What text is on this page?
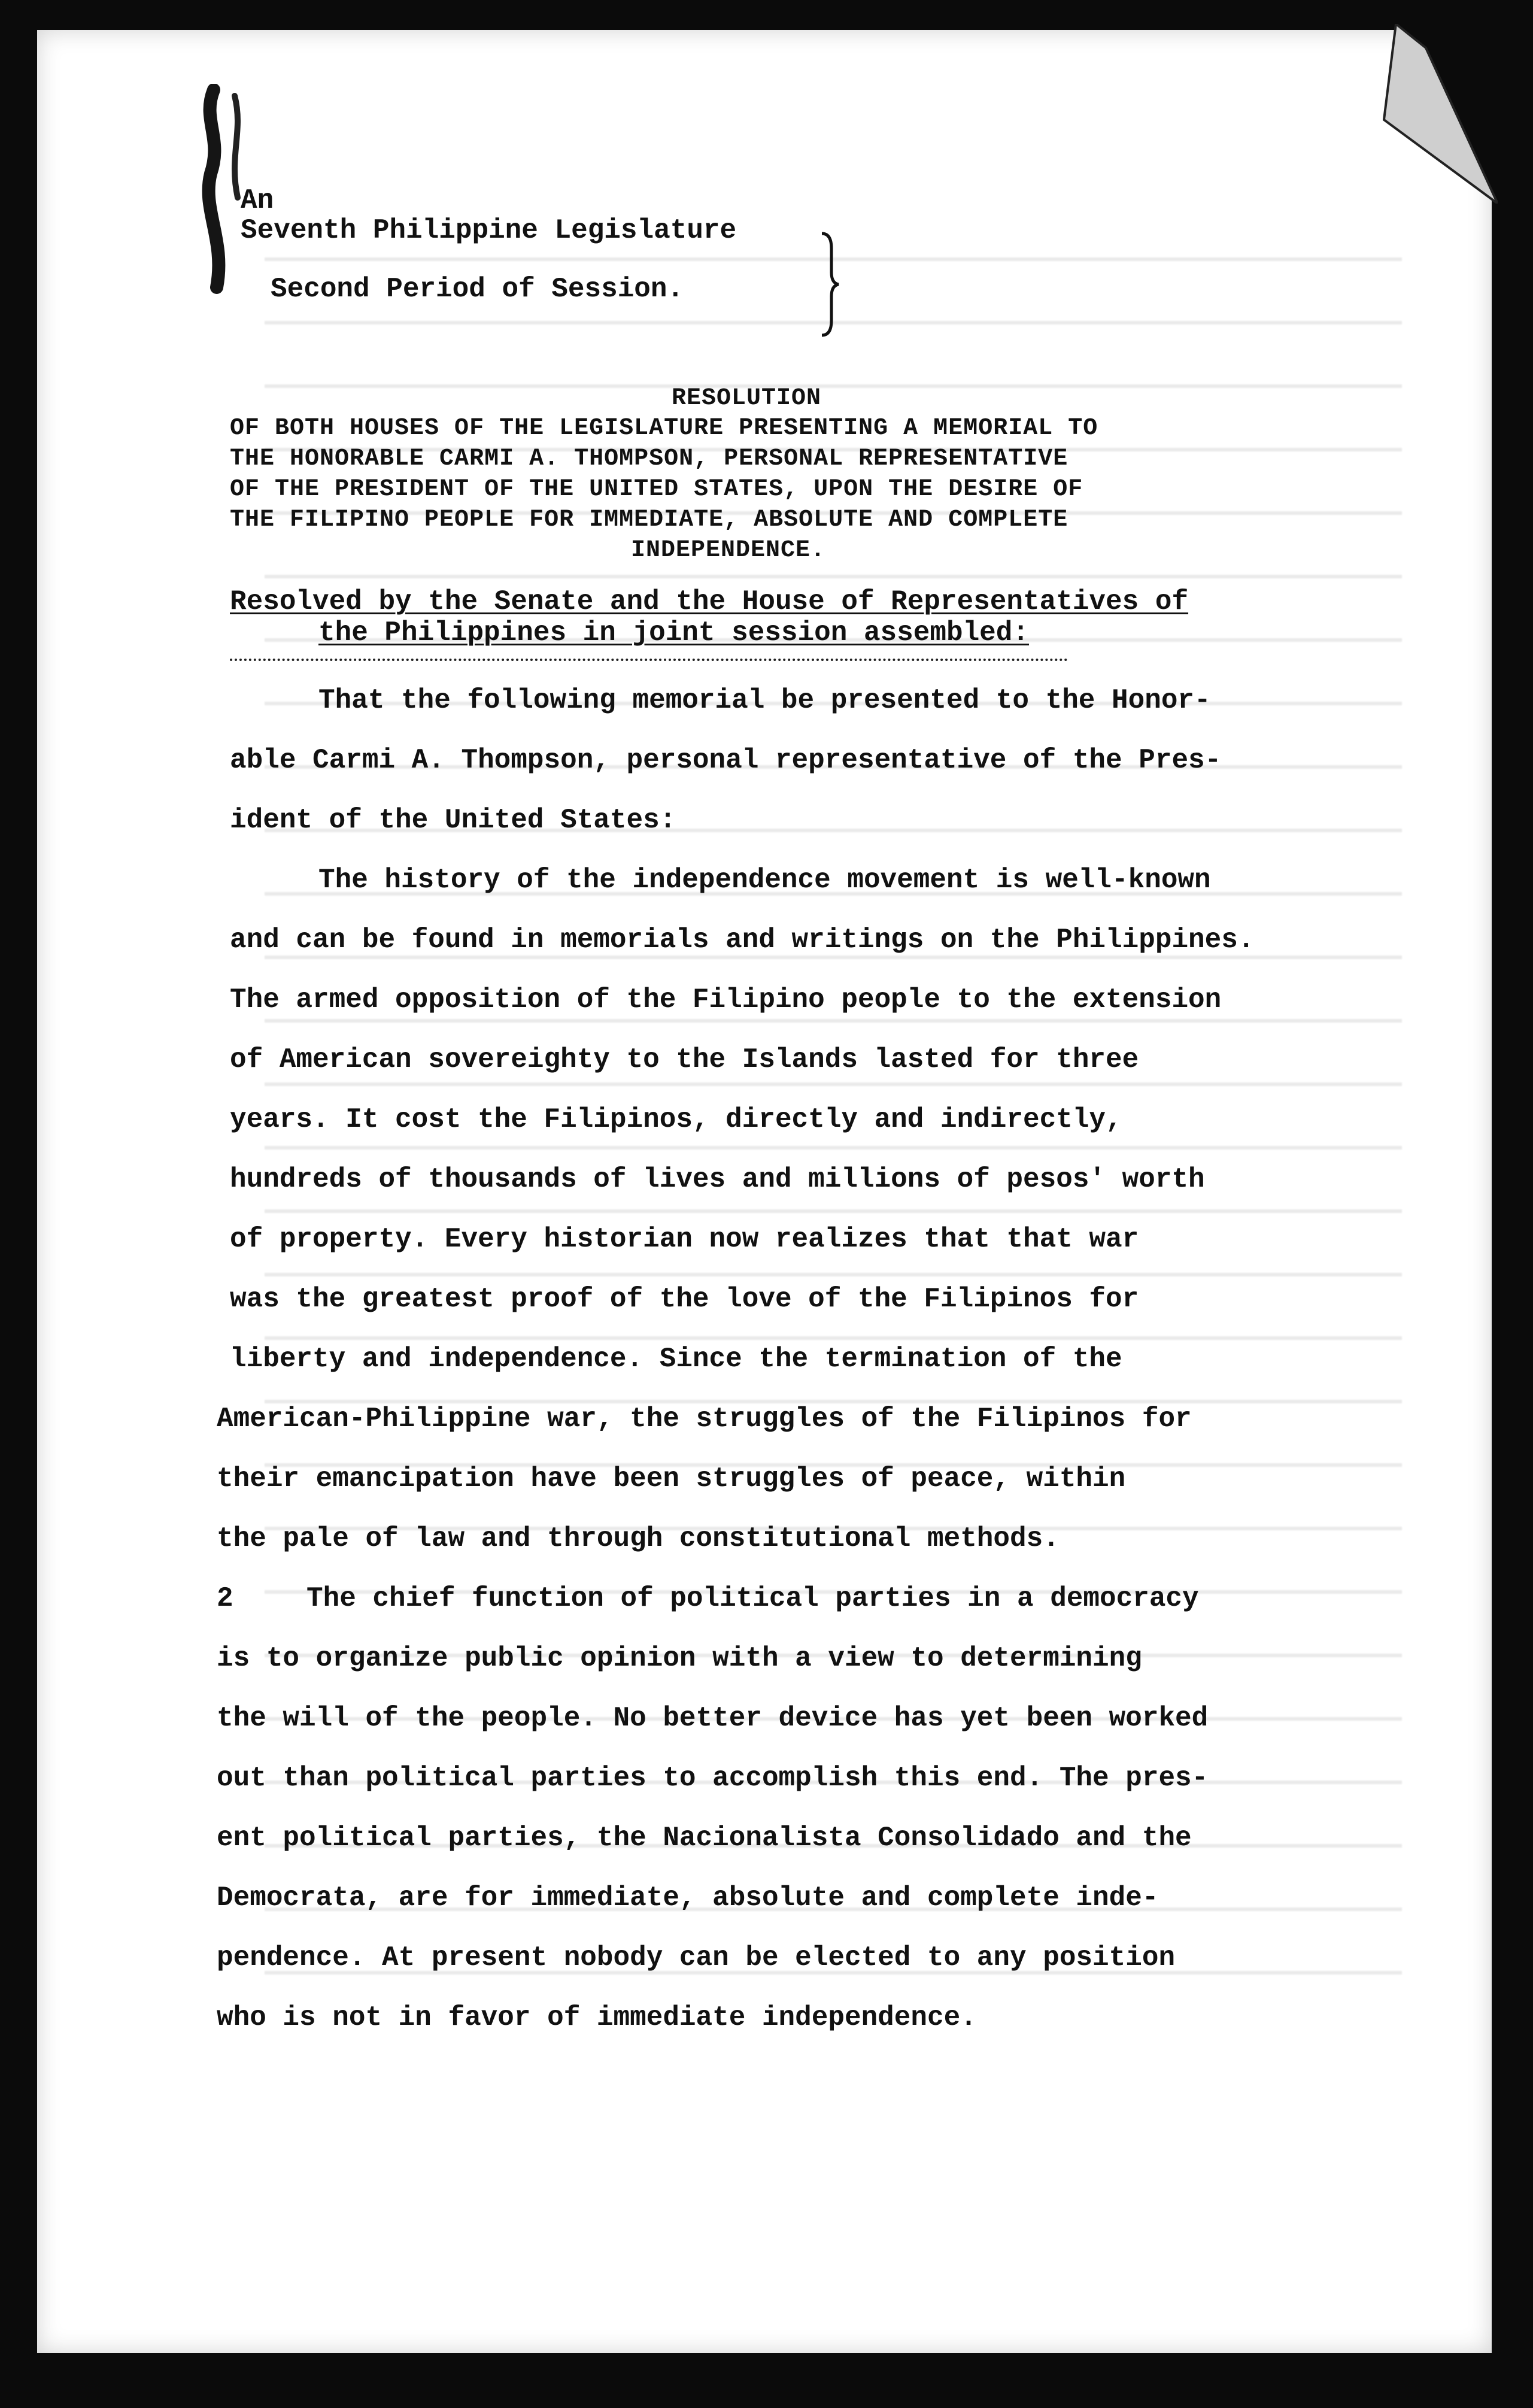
An

Seventh Philippine Legislature

Second Period of Session.

RESOLUTION

OF BOTH HOUSES OF THE LEGISLATURE PRESENTING A MEMORIAL TO

THE HONORABLE CARMI A. THOMPSON, PERSONAL REPRESENTATIVE

OF THE PRESIDENT OF THE UNITED STATES, UPON THE DESIRE OF

THE FILIPINO PEOPLE FOR IMMEDIATE, ABSOLUTE AND COMPLETE

INDEPENDENCE.

Resolved by the Senate and the House of Representatives of

the Philippines in joint session assembled:

That the following memorial be presented to the Honor-

able Carmi A. Thompson, personal representative of the Pres-

ident of the United States:

The history of the independence movement is well-known

and can be found in memorials and writings on the Philippines.

The armed opposition of the Filipino people to the extension

of American sovereighty to the Islands lasted for three

years. It cost the Filipinos, directly and indirectly,

hundreds of thousands of lives and millions of pesos' worth

of property. Every historian now realizes that that war

was the greatest proof of the love of the Filipinos for

liberty and independence. Since the termination of the

American-Philippine war, the struggles of the Filipinos for

their emancipation have been struggles of peace, within

the pale of law and through constitutional methods.

2	The chief function of political parties in a democracy

is to organize public opinion with a view to determining

the will of the people. No better device has yet been worked

out than political parties to accomplish this end. The pres-

ent political parties, the Nacionalista Consolidado and the

Democrata, are for immediate, absolute and complete inde-

pendence. At present nobody can be elected to any position

who is not in favor of immediate independence.
